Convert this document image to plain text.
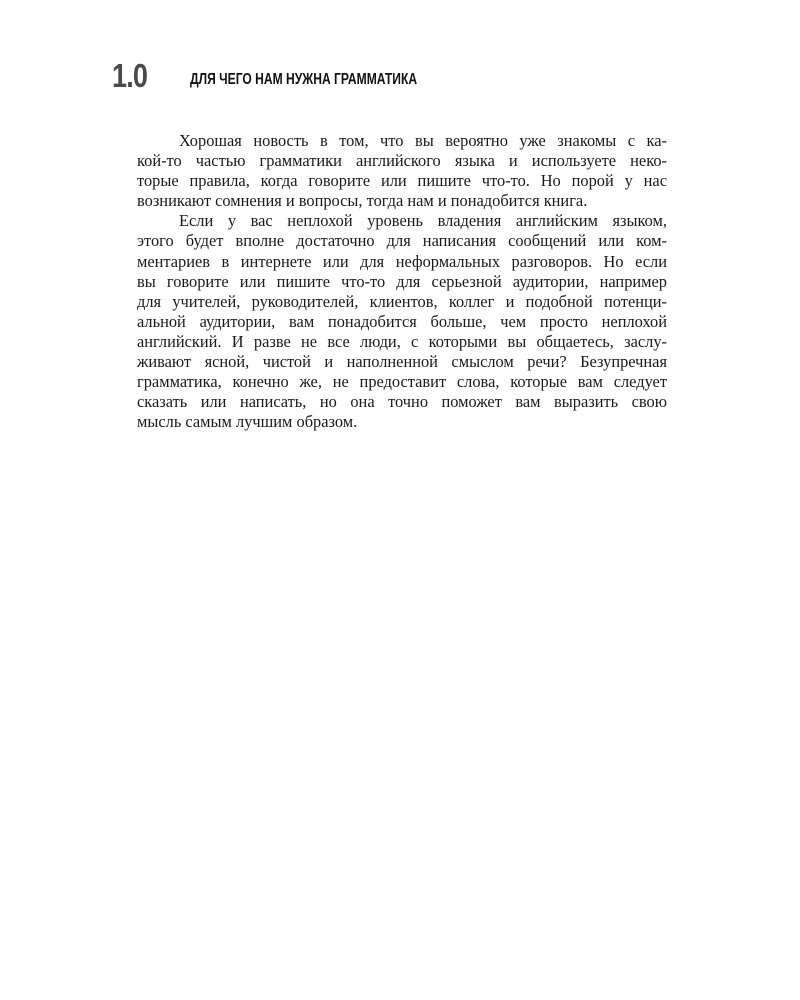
1.0	ДЛЯ ЧЕГО НАМ НУЖНА ГРАММАТИКА
Хорошая новость в том, что вы вероятно уже знакомы с ка-
кой-то частью грамматики английского языка и используете неко-
торые правила, когда говорите или пишите что-то. Но порой у нас
возникают сомнения и вопросы, тогда нам и понадобится книга.
Если у вас неплохой уровень владения английским языком,
этого будет вполне достаточно для написания сообщений или ком-
ментариев в интернете или для неформальных разговоров. Но если
вы говорите или пишите что-то для серьезной аудитории, например
для учителей, руководителей, клиентов, коллег и подобной потенци-
альной аудитории, вам понадобится больше, чем просто неплохой
английский. И разве не все люди, с которыми вы общаетесь, заслу-
живают ясной, чистой и наполненной смыслом речи? Безупречная
грамматика, конечно же, не предоставит слова, которые вам следует
сказать или написать, но она точно поможет вам выразить свою
мысль самым лучшим образом.
